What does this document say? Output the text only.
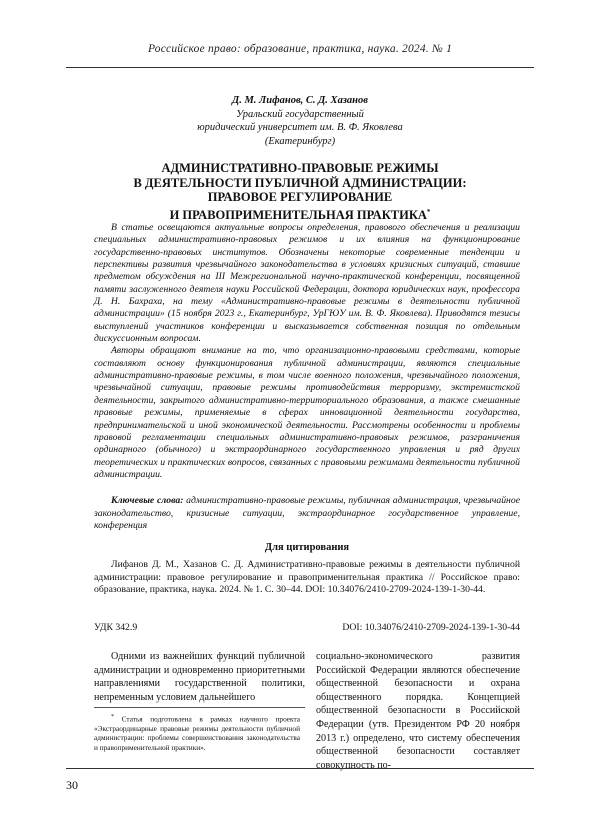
Российское право: образование, практика, наука. 2024. № 1
Д. М. Лифанов, С. Д. Хазанов
Уральский государственный
юридический университет им. В. Ф. Яковлева
(Екатеринбург)
АДМИНИСТРАТИВНО-ПРАВОВЫЕ РЕЖИМЫ
В ДЕЯТЕЛЬНОСТИ ПУБЛИЧНОЙ АДМИНИСТРАЦИИ:
ПРАВОВОЕ РЕГУЛИРОВАНИЕ
И ПРАВОПРИМЕНИТЕЛЬНАЯ ПРАКТИКА*

В статье освещаются актуальные вопросы определения, правового обеспечения и реализации специальных административно-правовых режимов и их влияния на функционирование государственно-правовых институтов. Обозначены некоторые современные тенденции и перспективы развития чрезвычайного законодательства в условиях кризисных ситуаций, ставшие предметом обсуждения на III Межрегиональной научно-практической конференции, посвященной памяти заслуженного деятеля науки Российской Федерации, доктора юридических наук, профессора Д. Н. Бахраха, на тему «Административно-правовые режимы в деятельности публичной администрации» (15 ноября 2023 г., Екатеринбург, УрГЮУ им. В. Ф. Яковлева). Приводятся тезисы выступлений участников конференции и высказывается собственная позиция по отдельным дискуссионным вопросам.

Авторы обращают внимание на то, что организационно-правовыми средствами, которые составляют основу функционирования публичной администрации, являются специальные административно-правовые режимы, в том числе военного положения, чрезвычайного положения, чрезвычайной ситуации, правовые режимы противодействия терроризму, экстремистской деятельности, закрытого административно-территориального образования, а также смешанные правовые режимы, применяемые в сферах инновационной деятельности государства, предпринимательской и иной экономической деятельности. Рассмотрены особенности и проблемы правовой регламентации специальных административно-правовых режимов, разграничения ординарного (обычного) и экстраординарного государственного управления и ряд других теоретических и практических вопросов, связанных с правовыми режимами деятельности публичной администрации.

Ключевые слова: административно-правовые режимы, публичная администрация, чрезвычайное законодательство, кризисные ситуации, экстраординарное государственное управление, конференция

Для цитирования

Лифанов Д. М., Хазанов С. Д. Административно-правовые режимы в деятельности публичной администрации: правовое регулирование и правоприменительная практика // Российское право: образование, практика, наука. 2024. № 1. С. 30–44. DOI: 10.34076/2410-2709-2024-139-1-30-44.

УДК 342.9	DOI: 10.34076/2410-2709-2024-139-1-30-44

Одними из важнейших функций публичной администрации и одновременно приоритетными направлениями государственной политики, непременным условием дальнейшего

социально-экономического развития Российской Федерации являются обеспечение общественной безопасности и охрана общественного порядка. Концепцией общественной безопасности в Российской Федерации (утв. Президентом РФ 20 ноября 2013 г.) определено, что систему обеспечения общественной безопасности составляет совокупность по-

* Статья подготовлена в рамках научного проекта «Экстраординарные правовые режимы деятельности публичной администрации: проблемы совершенствования законодательства и правоприменительной практики».

30
